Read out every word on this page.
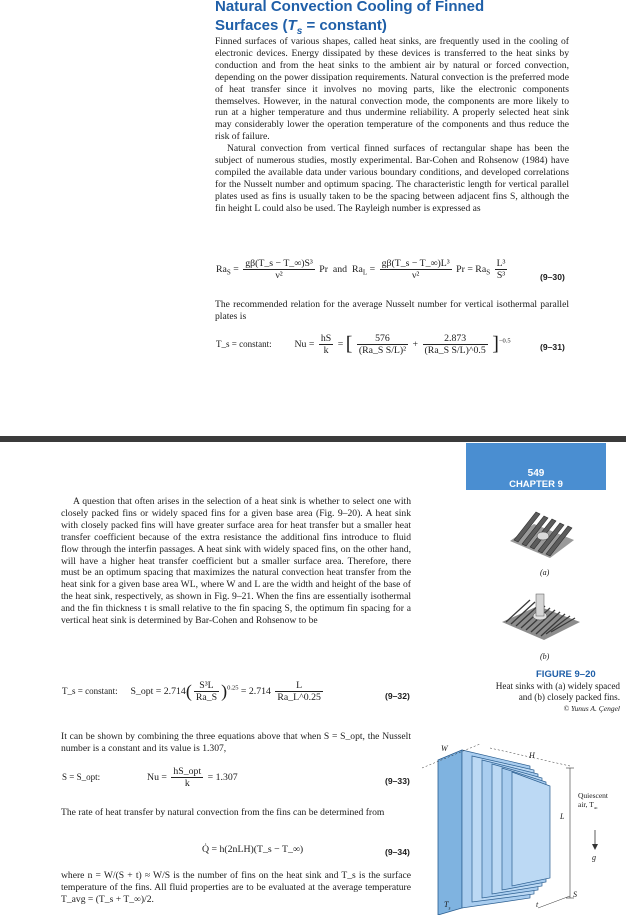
Natural Convection Cooling of Finned
Surfaces ($T_s$ = constant)

Finned surfaces of various shapes, called heat sinks, are frequently used in the cooling of electronic devices. Energy dissipated by these devices is transferred to the heat sinks by conduction and from the heat sinks to the ambient air by natural or forced convection, depending on the power dissipation requirements. Natural convection is the preferred mode of heat transfer since it involves no moving parts, like the electronic components themselves. However, in the natural convection mode, the components are more likely to run at a higher temperature and thus undermine reliability. A properly selected heat sink may considerably lower the operation temperature of the components and thus reduce the risk of failure.

Natural convection from vertical finned surfaces of rectangular shape has been the subject of numerous studies, mostly experimental. Bar-Cohen and Rohsenow (1984) have compiled the available data under various boundary conditions, and developed correlations for the Nusselt number and optimum spacing. The characteristic length for vertical parallel plates used as fins is usually taken to be the spacing between adjacent fins S, although the fin height L could also be used. The Rayleigh number is expressed as

$Ra_S = \frac{\text{gβ(T\_s − T\_∞)S³}}{\text{ν²}}$ Pr and  $Ra_L = \frac{\text{gβ(T\_s − T\_∞)L³}}{\text{ν²}}$ $Pr = Ra_S \frac{\text{L³}}{\text{S³}}$	(9–30)
The recommended relation for the average Nusselt number for vertical isothermal parallel plates is
T_s = constant: $Nu = \frac{hS}{k}$ = [ $\frac{576}{\text{(Ra\_S S/L)²}} + \frac{2.873}{\text{(Ra\_S S/L)\textasciicircum{}0.5}} ]^{-0.5}$
(9–31)
549
CHAPTER 9
A question that often arises in the selection of a heat sink is whether to select one with closely packed fins or widely spaced fins for a given base area (Fig. 9–20). A heat sink with closely packed fins will have greater surface area for heat transfer but a smaller heat transfer coefficient because of the extra resistance the additional fins introduce to fluid flow through the interfin passages. A heat sink with widely spaced fins, on the other hand, will have a higher heat transfer coefficient but a smaller surface area. Therefore, there must be an optimum spacing that maximizes the natural convection heat transfer from the heat sink for a given base area WL, where W and L are the width and height of the base of the heat sink, respectively, as shown in Fig. 9–21. When the fins are essentially isothermal and the fin thickness t is small relative to the fin spacing S, the optimum fin spacing for a vertical heat sink is determined by Bar-Cohen and Rohsenow to be
T_s = constant: S_opt = $2.714( \frac{\text{S³L}}{Ra\_S} )^{0.25} = 2.714 \frac{L}{Ra\_L\^{}0.25}$	(9–32)
It can be shown by combining the three equations above that when S = S_opt, the Nusselt number is a constant and its value is 1.307,
S = S_opt:	$Nu = \frac{\text{hS\_opt}}{k} = 1.307$	(9–33)
The rate of heat transfer by natural convection from the fins can be determined from
Q̇ = h(2nLH)(T_s − T_∞)	(9–34)
where n = W/(S + t) ≈ W/S is the number of fins on the heat sink and T_s is the surface temperature of the fins. All fluid properties are to be evaluated at the average temperature T_avg = (T_s + T_∞)/2.
(a)
(b)
FIGURE 9–20
Heat sinks with (a) widely spaced
and (b) closely packed fins.
© Yunus A. Çengel
W
H
L
Quiescent
air, $T_\infty$
g
$T_s$
t
S
